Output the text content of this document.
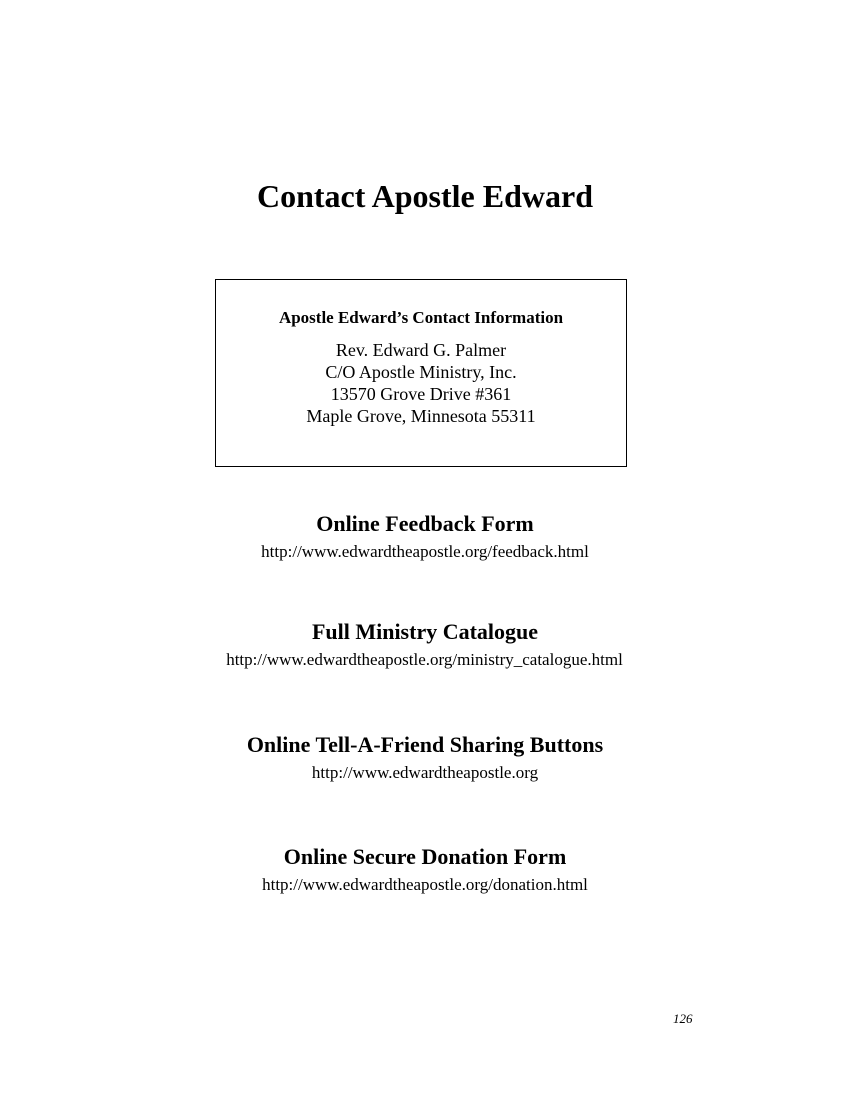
Contact Apostle Edward
Apostle Edward’s Contact Information
Rev. Edward G. Palmer
C/O Apostle Ministry, Inc.
13570 Grove Drive #361
Maple Grove, Minnesota 55311
Online Feedback Form
http://www.edwardtheapostle.org/feedback.html
Full Ministry Catalogue
http://www.edwardtheapostle.org/ministry_catalogue.html
Online Tell-A-Friend Sharing Buttons
http://www.edwardtheapostle.org
Online Secure Donation Form
http://www.edwardtheapostle.org/donation.html
126
